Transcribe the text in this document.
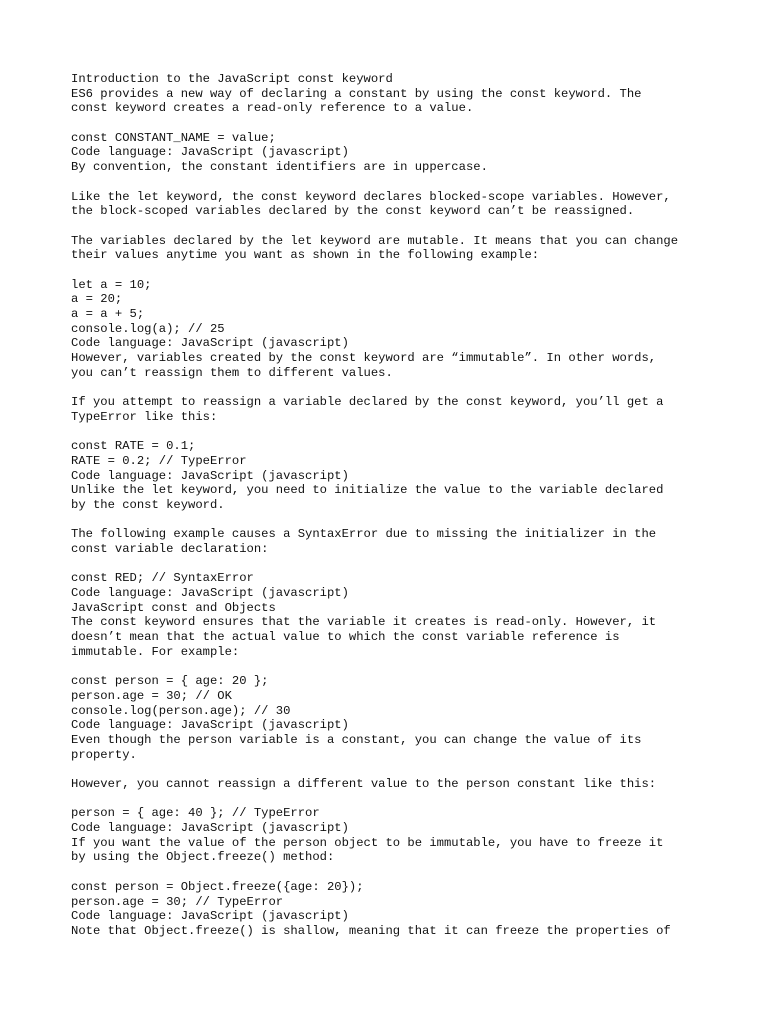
Introduction to the JavaScript const keyword
ES6 provides a new way of declaring a constant by using the const keyword. The
const keyword creates a read-only reference to a value.
const CONSTANT_NAME = value;
Code language: JavaScript (javascript)
By convention, the constant identifiers are in uppercase.
Like the let keyword, the const keyword declares blocked-scope variables. However,
the block-scoped variables declared by the const keyword can’t be reassigned.
The variables declared by the let keyword are mutable. It means that you can change
their values anytime you want as shown in the following example:
let a = 10;
a = 20;
a = a + 5;
console.log(a); // 25
Code language: JavaScript (javascript)
However, variables created by the const keyword are “immutable”. In other words,
you can’t reassign them to different values.
If you attempt to reassign a variable declared by the const keyword, you’ll get a
TypeError like this:
const RATE = 0.1;
RATE = 0.2; // TypeError
Code language: JavaScript (javascript)
Unlike the let keyword, you need to initialize the value to the variable declared
by the const keyword.
The following example causes a SyntaxError due to missing the initializer in the
const variable declaration:
const RED; // SyntaxError
Code language: JavaScript (javascript)
JavaScript const and Objects
The const keyword ensures that the variable it creates is read-only. However, it
doesn’t mean that the actual value to which the const variable reference is
immutable. For example:
const person = { age: 20 };
person.age = 30; // OK
console.log(person.age); // 30
Code language: JavaScript (javascript)
Even though the person variable is a constant, you can change the value of its
property.
However, you cannot reassign a different value to the person constant like this:
person = { age: 40 }; // TypeError
Code language: JavaScript (javascript)
If you want the value of the person object to be immutable, you have to freeze it
by using the Object.freeze() method:
const person = Object.freeze({age: 20});
person.age = 30; // TypeError
Code language: JavaScript (javascript)
Note that Object.freeze() is shallow, meaning that it can freeze the properties of
